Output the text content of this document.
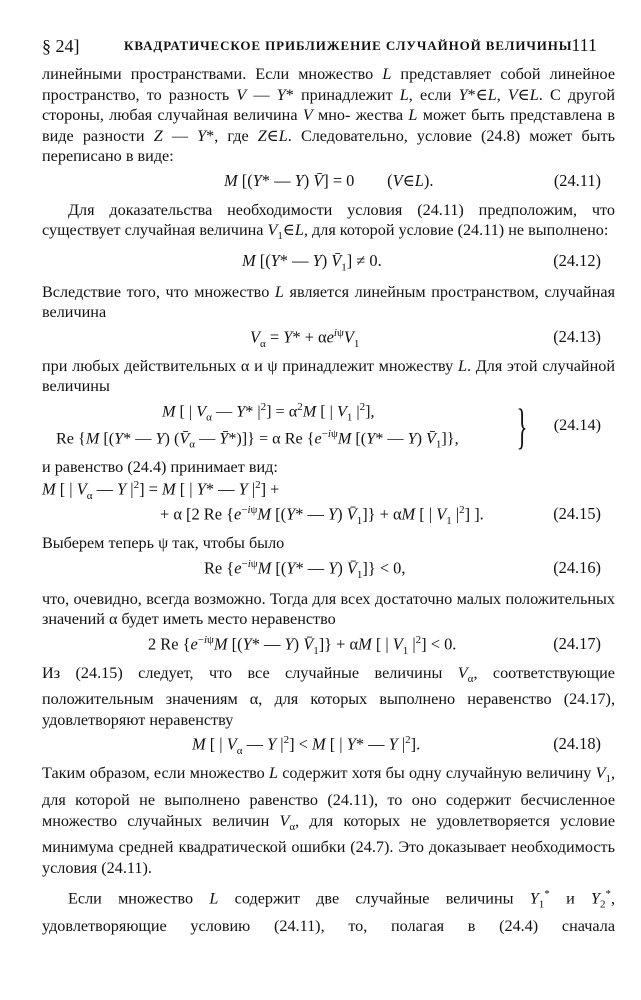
§ 24]	КВАДРАТИЧЕСКОЕ ПРИБЛИЖЕНИЕ СЛУЧАЙНОЙ ВЕЛИЧИНЫ
111

линейными пространствами. Если множество L представляет собой линейное пространство, то разность V — Y* принадлежит L, если Y*∈L, V∈L. С другой стороны, любая случайная величина V мно- жества L может быть представлена в виде разности Z — Y*, где Z∈L. Следовательно, условие (24.8) может быть переписано в виде:

M [(Y* — Y) V̄] = 0        (V∈L).	(24.11)

Для доказательства необходимости условия (24.11) предположим, что существует случайная величина $V_1\in L$, для которой условие (24.11) не выполнено:

M [(Y* — Y) $V̄_1] \ne 0$.	(24.12)

Вследствие того, что множество L является линейным пространством, случайная величина

$V_\alpha = Y* + \alpha e^{i\psi}V_1$	(24.13)

при любых действительных α и ψ принадлежит множеству L. Для этой случайной величины

M [ | $V_\alpha$ — Y* $|^2] = \alpha^2M$ [ | $V_1$ $|^2$],
Re {M [(Y* — Y) ($V̄_\alpha$ — Ȳ*)]} = α Re {$e^{-i\psi}M$ [(Y* — Y) $V̄_1$]}, } (24.14)

и равенство (24.4) принимает вид:

M [ | $V_\alpha$ — Y $|^2] = M$ [ | Y* — Y $|^2$] +
+ α [2 Re {$e^{-i\psi}M$ [(Y* — Y) $V̄_1]\} + \alpha M$ [ | $V_1$ $|^2$] ].	(24.15)

Выберем теперь ψ так, чтобы было

Re {$e^{-i\psi}M$ [(Y* — Y) $V̄_1]\} < 0$,	(24.16)

что, очевидно, всегда возможно. Тогда для всех достаточно малых положительных значений α будет иметь место неравенство

2 Re {$e^{-i\psi}M$ [(Y* — Y) $V̄_1]\} + \alpha M$ [ | $V_1$ $|^2] < 0$.	(24.17)

Из (24.15) следует, что все случайные величины $V_\alpha$, соответствующие положительным значениям α, для которых выполнено неравенство (24.17), удовлетворяют неравенству

M [ | $V_\alpha$ — Y $|^2] < M$ [ | Y* — Y $|^2$].	(24.18)

Таким образом, если множество L содержит хотя бы одну случайную величину $V_1$, для которой не выполнено равенство (24.11), то оно содержит бесчисленное множество случайных величин $V_\alpha$, для которых не удовлетворяется условие минимума средней квадратической ошибки (24.7). Это доказывает необходимость условия (24.11).

Если множество L содержит две случайные величины $Y_1^*$ и $Y_2^*$, удовлетворяющие условию (24.11), то, полагая в (24.4) сначала
